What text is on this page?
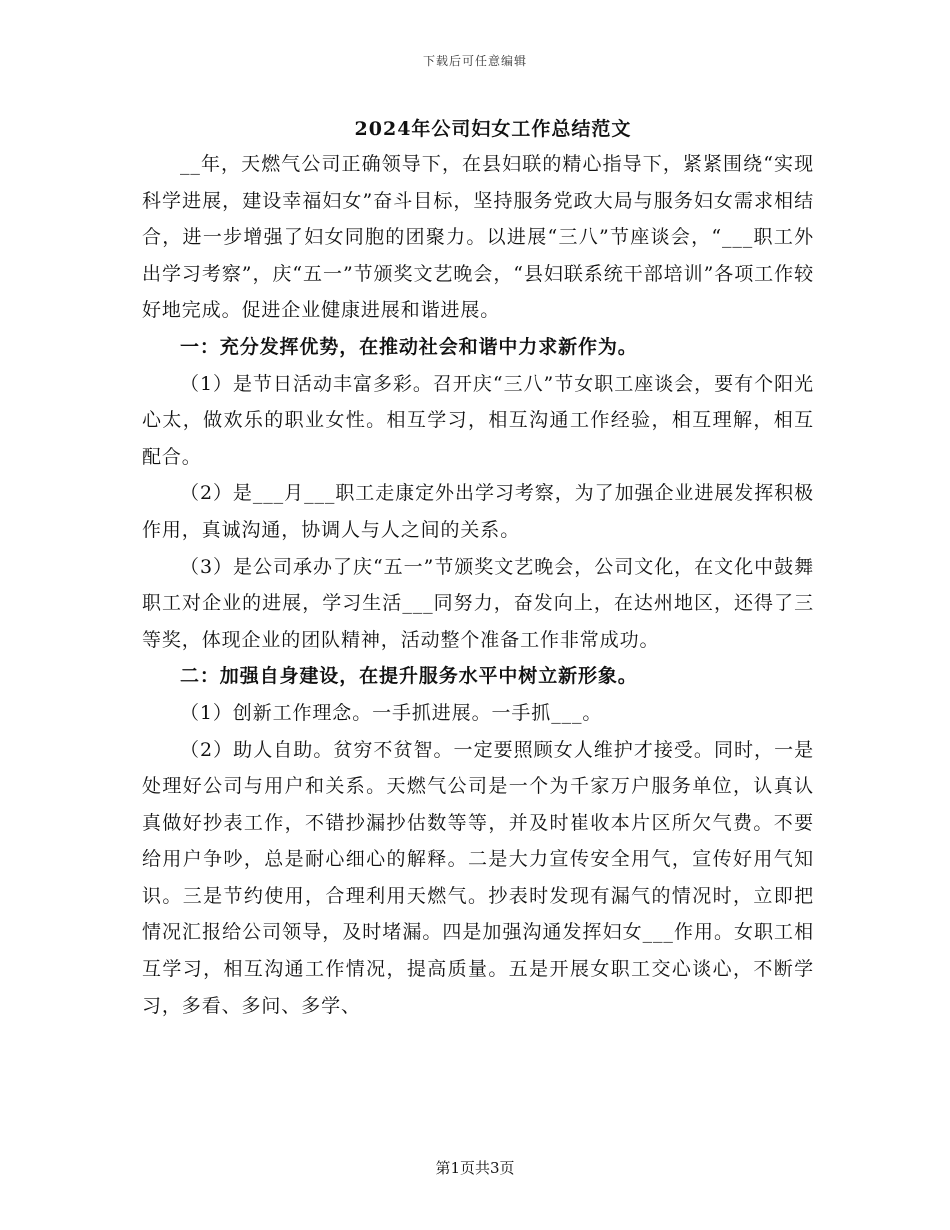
下载后可任意编辑
2024年公司妇女工作总结范文

__年，天燃气公司正确领导下，在县妇联的精心指导下，紧紧围绕“实现科学进展，建设幸福妇女”奋斗目标，坚持服务党政大局与服务妇女需求相结合，进一步增强了妇女同胞的团聚力。以进展“三八”节座谈会，“___职工外出学习考察”，庆“五一”节颁奖文艺晚会，“县妇联系统干部培训”各项工作较好地完成。促进企业健康进展和谐进展。

一：充分发挥优势，在推动社会和谐中力求新作为。

（1）是节日活动丰富多彩。召开庆“三八”节女职工座谈会，要有个阳光心太，做欢乐的职业女性。相互学习，相互沟通工作经验，相互理解，相互配合。

（2）是___月___职工走康定外出学习考察，为了加强企业进展发挥积极作用，真诚沟通，协调人与人之间的关系。

（3）是公司承办了庆“五一”节颁奖文艺晚会，公司文化，在文化中鼓舞职工对企业的进展，学习生活___同努力，奋发向上，在达州地区，还得了三等奖，体现企业的团队精神，活动整个准备工作非常成功。

二：加强自身建设，在提升服务水平中树立新形象。

（1）创新工作理念。一手抓进展。一手抓___。

（2）助人自助。贫穷不贫智。一定要照顾女人维护才接受。同时，一是处理好公司与用户和关系。天燃气公司是一个为千家万户服务单位，认真认真做好抄表工作，不错抄漏抄估数等等，并及时崔收本片区所欠气费。不要给用户争吵，总是耐心细心的解释。二是大力宣传安全用气，宣传好用气知识。三是节约使用，合理利用天燃气。抄表时发现有漏气的情况时，立即把情况汇报给公司领导，及时堵漏。四是加强沟通发挥妇女___作用。女职工相互学习，相互沟通工作情况，提高质量。五是开展女职工交心谈心，不断学习，多看、多问、多学、

第1页共3页
